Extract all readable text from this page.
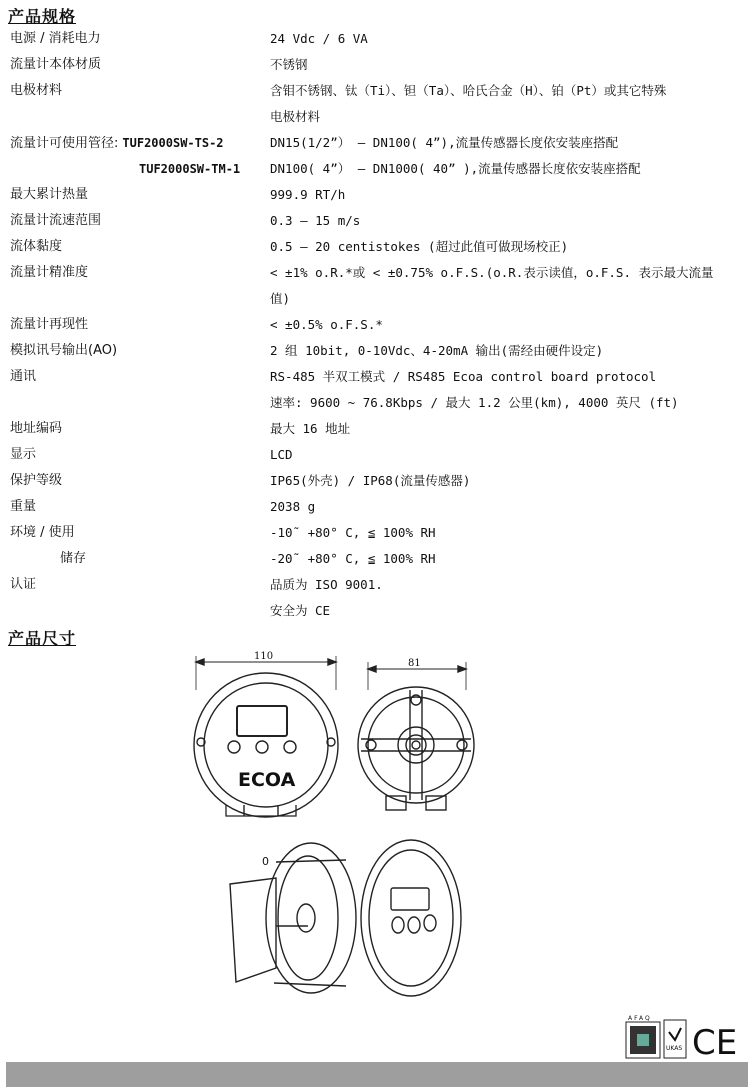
产品规格
电源 / 消耗电力	24 Vdc / 6 VA
流量计本体材质	不锈钢
电极材料	含钼不锈钢、钛（Ti）、钽（Ta）、哈氏合金（H）、铂（Pt）或其它特殊
电极材料
流量计可使用管径: TUF2000SW-TS-2	DN15(1/2”） – DN100( 4”),流量传感器长度依安装座搭配
TUF2000SW-TM-1 DN100( 4”） – DN1000( 40” ),流量传感器长度依安装座搭配
最大累计热量	999.9 RT/h
流量计流速范围	0.3 – 15 m/s
流体黏度	0.5 – 20 centistokes (超过此值可做现场校正)
流量计精准度	< ±1% o.R.*或 < ±0.75% o.F.S.(o.R.表示读值，o.F.S. 表示最大流量
值)
流量计再现性	< ±0.5% o.F.S.*
模拟讯号输出(AO)	2 组 10bit, 0-10Vdc、4-20mA 输出(需经由硬件设定)
通讯	RS-485 半双工模式 / RS485 Ecoa control board protocol
速率: 9600 ~ 76.8Kbps / 最大 1.2 公里(km), 4000 英尺 (ft)
地址编码	最大 16 地址
显示	LCD
保护等级	IP65(外壳) / IP68(流量传感器)
重量	2038 g
环境 / 使用	-10˜ +80° C, ≦ 100% RH
储存	-20˜ +80° C, ≦ 100% RH
认证	品质为 ISO 9001.
安全为 CE
产品尺寸
110
ECOA
81
0
AFAQ
UKAS CE
